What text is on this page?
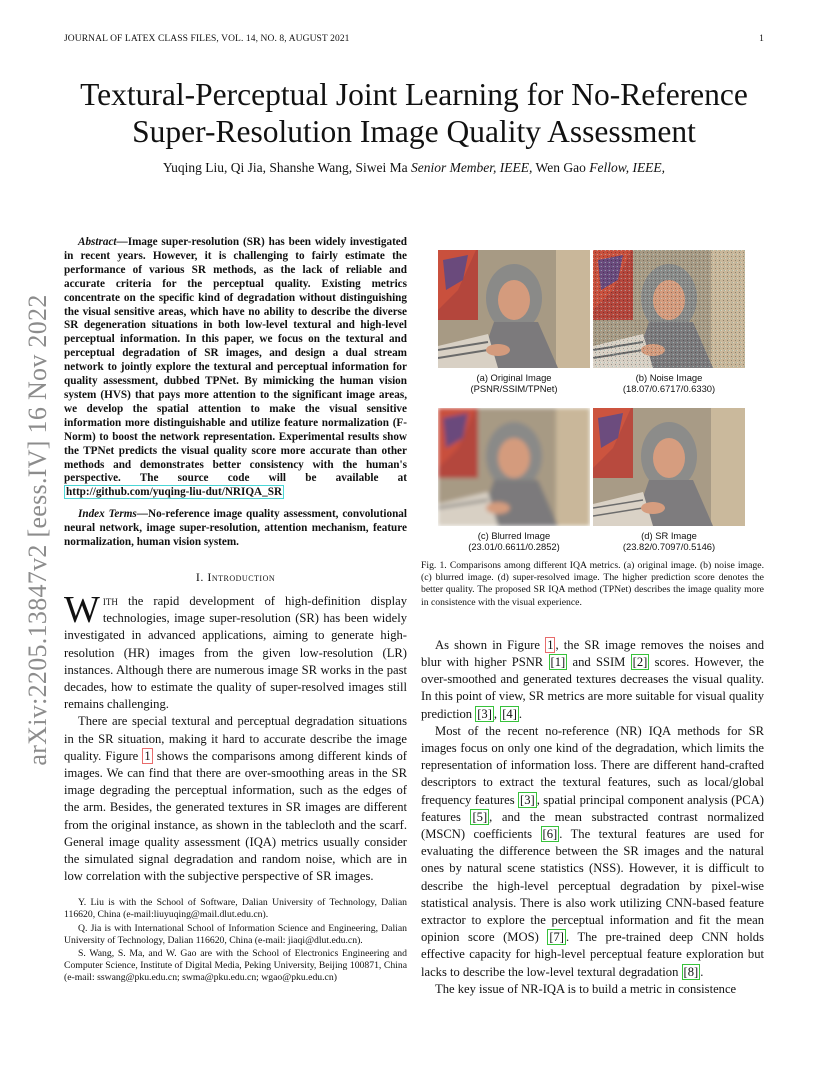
JOURNAL OF LATEX CLASS FILES, VOL. 14, NO. 8, AUGUST 2021	1
arXiv:2205.13847v2 [eess.IV] 16 Nov 2022
Textural-Perceptual Joint Learning for No-Reference
Super-Resolution Image Quality Assessment
Yuqing Liu, Qi Jia, Shanshe Wang, Siwei Ma Senior Member, IEEE, Wen Gao Fellow, IEEE,

Abstract—Image super-resolution (SR) has been widely investigated in recent years. However, it is challenging to fairly estimate the performance of various SR methods, as the lack of reliable and accurate criteria for the perceptual quality. Existing metrics concentrate on the specific kind of degradation without distinguishing the visual sensitive areas, which have no ability to describe the diverse SR degeneration situations in both low-level textural and high-level perceptual information. In this paper, we focus on the textural and perceptual degradation of SR images, and design a dual stream network to jointly explore the textural and perceptual information for quality assessment, dubbed TPNet. By mimicking the human vision system (HVS) that pays more attention to the significant image areas, we develop the spatial attention to make the visual sensitive information more distinguishable and utilize feature normalization (F-Norm) to boost the network representation. Experimental results show the TPNet predicts the visual quality score more accurate than other methods and demonstrates better consistency with the human's perspective. The source code will be available at http://github.com/yuqing-liu-dut/NRIQA_SR

Index Terms—No-reference image quality assessment, convolutional neural network, image super-resolution, attention mechanism, feature normalization, human vision system.

I. Introduction

With the rapid development of high-definition display technologies, image super-resolution (SR) has been widely investigated in advanced applications, aiming to generate high-resolution (HR) images from the given low-resolution (LR) instances. Although there are numerous image SR works in the past decades, how to estimate the quality of super-resolved images still remains challenging.

There are special textural and perceptual degradation situations in the SR situation, making it hard to accurate describe the image quality. Figure 1 shows the comparisons among different kinds of images. We can find that there are over-smoothing areas in the SR image degrading the perceptual information, such as the edges of the arm. Besides, the generated textures in SR images are different from the original instance, as shown in the tablecloth and the scarf. General image quality assessment (IQA) metrics usually consider the simulated signal degradation and random noise, which are in low correlation with the subjective perspective of SR images.

Y. Liu is with the School of Software, Dalian University of Technology, Dalian 116620, China (e-mail:liuyuqing@mail.dlut.edu.cn).

Q. Jia is with International School of Information Science and Engineering, Dalian University of Technology, Dalian 116620, China (e-mail: jiaqi@dlut.edu.cn).

S. Wang, S. Ma, and W. Gao are with the School of Electronics Engineering and Computer Science, Institute of Digital Media, Peking University, Beijing 100871, China (e-mail: sswang@pku.edu.cn; swma@pku.edu.cn; wgao@pku.edu.cn)

(a) Original Image
(PSNR/SSIM/TPNet)
(b) Noise Image
(18.07/0.6717/0.6330)
(c) Blurred Image
(23.01/0.6611/0.2852)
(d) SR Image
(23.82/0.7097/0.5146)

Fig. 1. Comparisons among different IQA metrics. (a) original image. (b) noise image. (c) blurred image. (d) super-resolved image. The higher prediction score denotes the better quality. The proposed SR IQA method (TPNet) describes the image quality more in consistence with the visual experience.

As shown in Figure 1 , the SR image removes the noises and blur with higher PSNR [1] and SSIM [2] scores. However, the over-smoothed and generated textures decreases the visual quality. In this point of view, SR metrics are more suitable for visual quality prediction [3] , [4] .

Most of the recent no-reference (NR) IQA methods for SR images focus on only one kind of the degradation, which limits the representation of information loss. There are different hand-crafted descriptors to extract the textural features, such as local/global frequency features [3] , spatial principal component analysis (PCA) features [5] , and the mean substracted contrast normalized (MSCN) coefficients [6] . The textural features are used for evaluating the difference between the SR images and the natural ones by natural scene statistics (NSS). However, it is difficult to describe the high-level perceptual degradation by pixel-wise statistical analysis. There is also work utilizing CNN-based feature extractor to explore the perceptual information and fit the mean opinion score (MOS) [7] . The pre-trained deep CNN holds effective capacity for high-level perceptual feature exploration but lacks to describe the low-level textural degradation [8] .

The key issue of NR-IQA is to build a metric in consistence
